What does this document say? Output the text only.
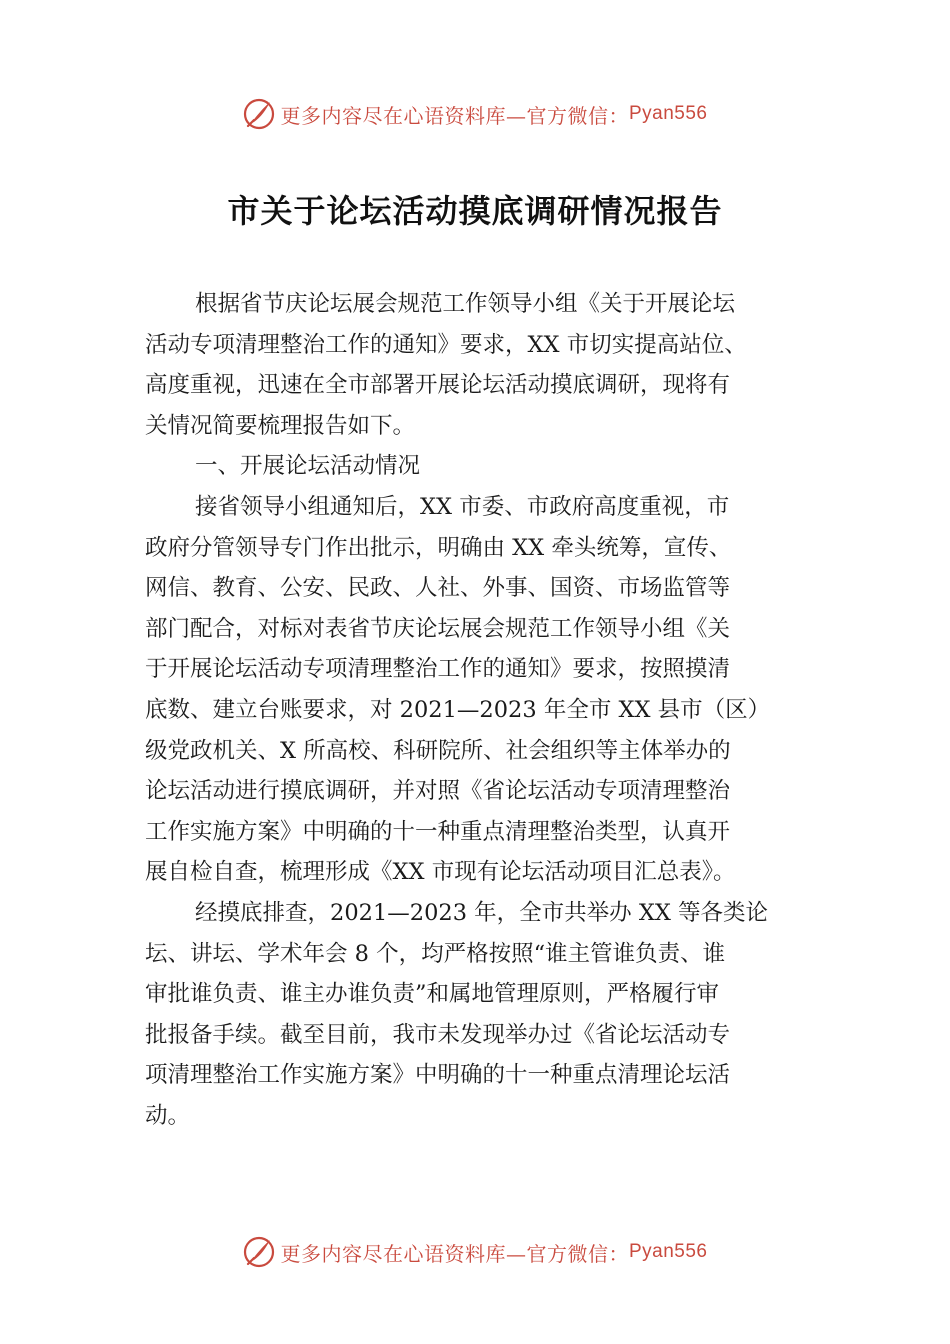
更多内容尽在心语资料库—官方微信： Pyan556
市关于论坛活动摸底调研情况报告
根据省节庆论坛展会规范工作领导小组《关于开展论坛
活动专项清理整治工作的通知》要求，XX 市切实提高站位、
高度重视，迅速在全市部署开展论坛活动摸底调研，现将有
关情况简要梳理报告如下。
一、开展论坛活动情况
接省领导小组通知后，XX 市委、市政府高度重视，市
政府分管领导专门作出批示，明确由 XX 牵头统筹，宣传、
网信、教育、公安、民政、人社、外事、国资、市场监管等
部门配合，对标对表省节庆论坛展会规范工作领导小组《关
于开展论坛活动专项清理整治工作的通知》要求，按照摸清
底数、建立台账要求，对 2021—2023 年全市 XX 县市（区）
级党政机关、X 所高校、科研院所、社会组织等主体举办的
论坛活动进行摸底调研，并对照《省论坛活动专项清理整治
工作实施方案》中明确的十一种重点清理整治类型，认真开
展自检自查，梳理形成《XX 市现有论坛活动项目汇总表》。
经摸底排查，2021—2023 年，全市共举办 XX 等各类论
坛、讲坛、学术年会 8 个，均严格按照“谁主管谁负责、谁
审批谁负责、谁主办谁负责”和属地管理原则，严格履行审
批报备手续。截至目前，我市未发现举办过《省论坛活动专
项清理整治工作实施方案》中明确的十一种重点清理论坛活
动。
更多内容尽在心语资料库—官方微信： Pyan556
